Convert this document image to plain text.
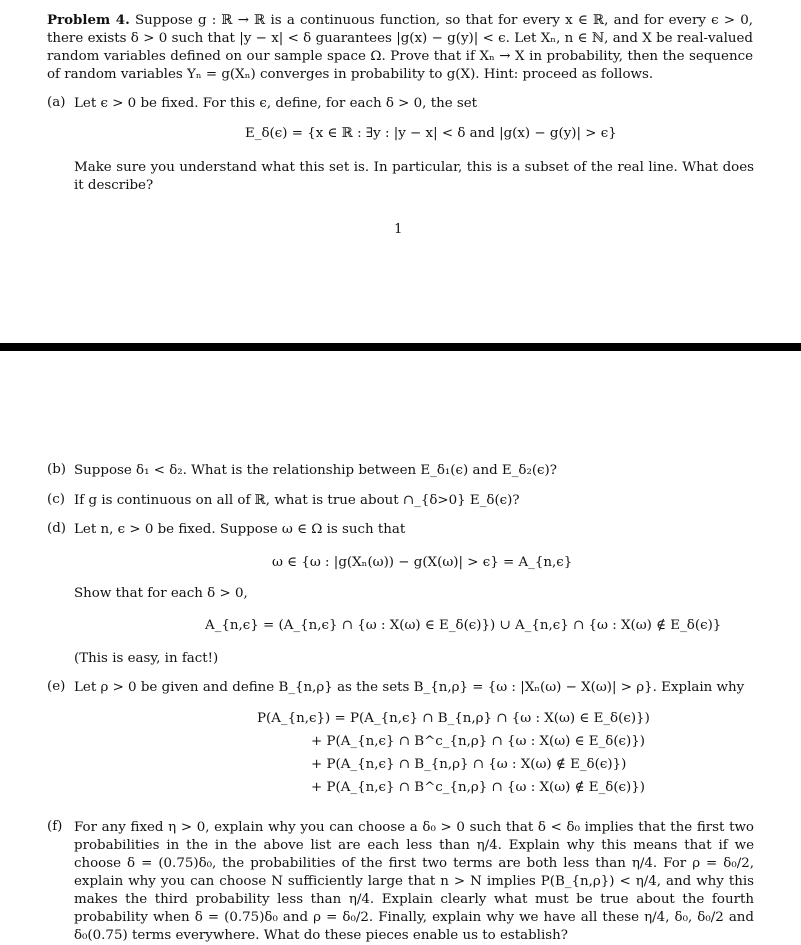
Problem 4. Suppose g : ℝ → ℝ is a continuous function, so that for every x ∈ ℝ, and for every ϵ > 0, there exists δ > 0 such that |y − x| < δ guarantees |g(x) − g(y)| < ϵ. Let Xₙ, n ∈ ℕ, and X be real-valued random variables defined on our sample space Ω. Prove that if Xₙ → X in probability, then the sequence of random variables Yₙ = g(Xₙ) converges in probability to g(X). Hint: proceed as follows.

(a) Let ϵ > 0 be fixed. For this ϵ, define, for each δ > 0, the set

E_δ(ϵ) = {x ∈ ℝ : ∃y : |y − x| < δ and |g(x) − g(y)| > ϵ}

Make sure you understand what this set is. In particular, this is a subset of the real line. What does it describe?

1
(b) Suppose δ₁ < δ₂. What is the relationship between E_δ₁(ϵ) and E_δ₂(ϵ)?

(c) If g is continuous on all of ℝ, what is true about ∩_{δ>0} E_δ(ϵ)?

(d) Let n, ϵ > 0 be fixed. Suppose ω ∈ Ω is such that

ω ∈ {ω : |g(Xₙ(ω)) − g(X(ω)| > ϵ} = A_{n,ϵ}

Show that for each δ > 0,

A_{n,ϵ} = (A_{n,ϵ} ∩ {ω : X(ω) ∈ E_δ(ϵ)}) ∪ A_{n,ϵ} ∩ {ω : X(ω) ∉ E_δ(ϵ)}

(This is easy, in fact!)

(e) Let ρ > 0 be given and define B_{n,ρ} as the sets B_{n,ρ} = {ω : |Xₙ(ω) − X(ω)| > ρ}. Explain why

P(A_{n,ϵ}) = P(A_{n,ϵ} ∩ B_{n,ρ} ∩ {ω : X(ω) ∈ E_δ(ϵ)})
+ P(A_{n,ϵ} ∩ B^c_{n,ρ} ∩ {ω : X(ω) ∈ E_δ(ϵ)})
+ P(A_{n,ϵ} ∩ B_{n,ρ} ∩ {ω : X(ω) ∉ E_δ(ϵ)})
+ P(A_{n,ϵ} ∩ B^c_{n,ρ} ∩ {ω : X(ω) ∉ E_δ(ϵ)})
(f) For any fixed η > 0, explain why you can choose a δ₀ > 0 such that δ < δ₀ implies that the first two probabilities in the in the above list are each less than η/4. Explain why this means that if we choose δ = (0.75)δ₀, the probabilities of the first two terms are both less than η/4. For ρ = δ₀/2, explain why you can choose N sufficiently large that n > N implies P(B_{n,ρ}) < η/4, and why this makes the third probability less than η/4. Explain clearly what must be true about the fourth probability when δ = (0.75)δ₀ and ρ = δ₀/2. Finally, explain why we have all these η/4, δ₀, δ₀/2 and δ₀(0.75) terms everywhere. What do these pieces enable us to establish?
